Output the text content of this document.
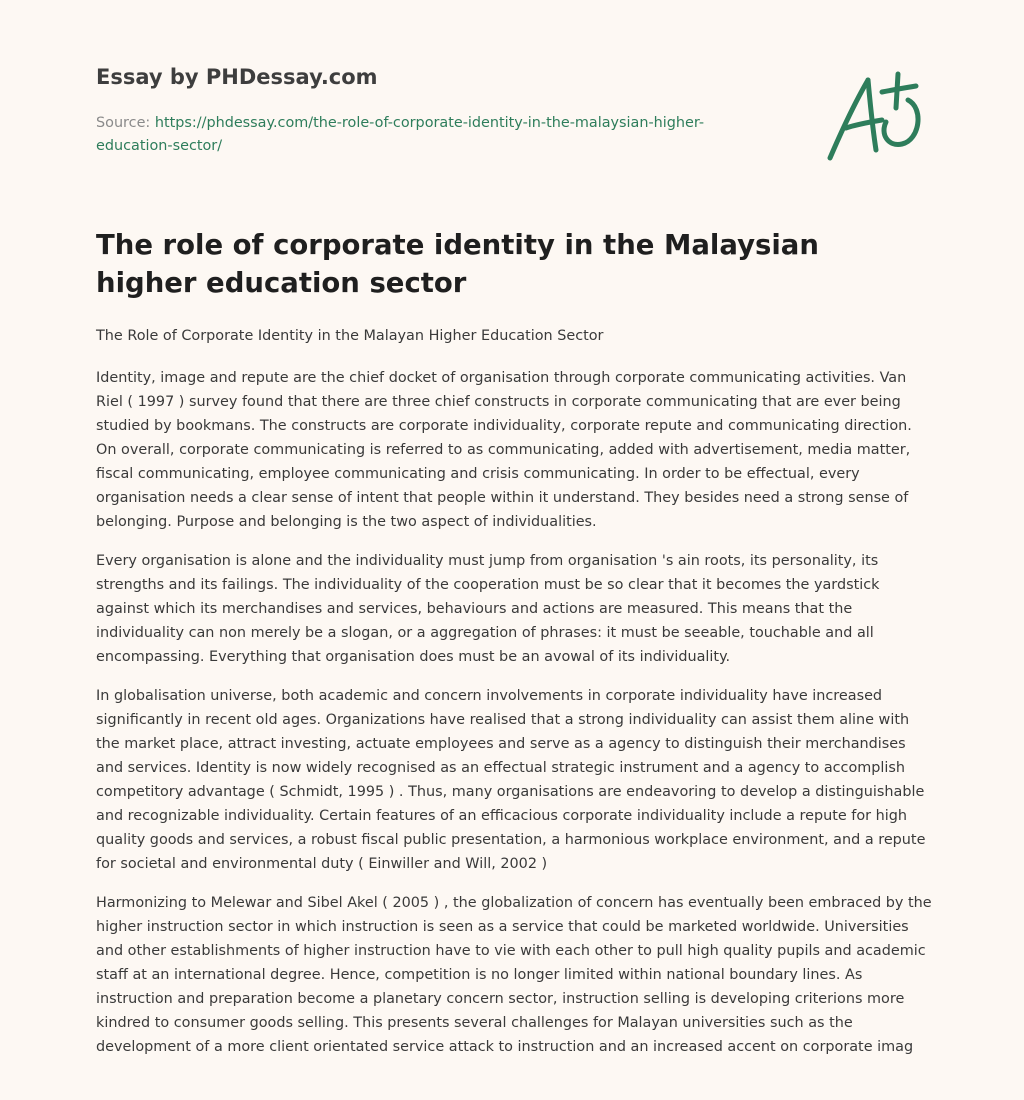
Essay by PHDessay.com
Source: https://phdessay.com/the-role-of-corporate-identity-in-the-malaysian-higher-
education-sector/
The role of corporate identity in the Malaysian higher education sector

The Role of Corporate Identity in the Malayan Higher Education Sector

Identity, image and repute are the chief docket of organisation through corporate communicating activities. Van Riel ( 1997 ) survey found that there are three chief constructs in corporate communicating that are ever being studied by bookmans. The constructs are corporate individuality, corporate repute and communicating direction. On overall, corporate communicating is referred to as communicating, added with advertisement, media matter, fiscal communicating, employee communicating and crisis communicating. In order to be effectual, every organisation needs a clear sense of intent that people within it understand. They besides need a strong sense of belonging. Purpose and belonging is the two aspect of individualities.

Every organisation is alone and the individuality must jump from organisation 's ain roots, its personality, its strengths and its failings. The individuality of the cooperation must be so clear that it becomes the yardstick against which its merchandises and services, behaviours and actions are measured. This means that the individuality can non merely be a slogan, or a aggregation of phrases: it must be seeable, touchable and all encompassing. Everything that organisation does must be an avowal of its individuality.

In globalisation universe, both academic and concern involvements in corporate individuality have increased significantly in recent old ages. Organizations have realised that a strong individuality can assist them aline with the market place, attract investing, actuate employees and serve as a agency to distinguish their merchandises and services. Identity is now widely recognised as an effectual strategic instrument and a agency to accomplish competitory advantage ( Schmidt, 1995 ) . Thus, many organisations are endeavoring to develop a distinguishable and recognizable individuality. Certain features of an efficacious corporate individuality include a repute for high quality goods and services, a robust fiscal public presentation, a harmonious workplace environment, and a repute for societal and environmental duty ( Einwiller and Will, 2002 )

Harmonizing to Melewar and Sibel Akel ( 2005 ) , the globalization of concern has eventually been embraced by the higher instruction sector in which instruction is seen as a service that could be marketed worldwide. Universities and other establishments of higher instruction have to vie with each other to pull high quality pupils and academic staff at an international degree. Hence, competition is no longer limited within national boundary lines. As instruction and preparation become a planetary concern sector, instruction selling is developing criterions more kindred to consumer goods selling. This presents several challenges for Malayan universities such as the development of a more client orientated service attack to instruction and an increased accent on corporate imag
